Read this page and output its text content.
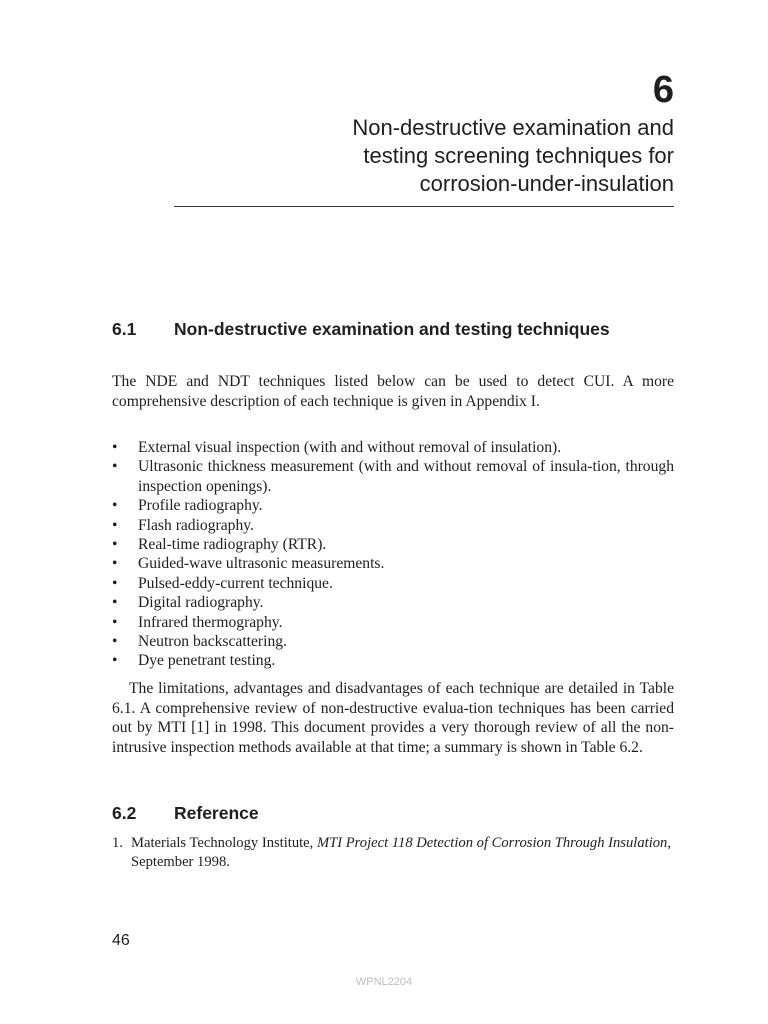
6
Non-destructive examination and
testing screening techniques for
corrosion-under-insulation
6.1	Non-destructive examination and testing techniques

The NDE and NDT techniques listed below can be used to detect CUI. A more comprehensive description of each technique is given in Appendix I.

• External visual inspection (with and without removal of insulation).
• Ultrasonic thickness measurement (with and without removal of insula-tion, through inspection openings).
• Profile radiography.
• Flash radiography.
• Real-time radiography (RTR).
• Guided-wave ultrasonic measurements.
• Pulsed-eddy-current technique.
• Digital radiography.
• Infrared thermography.
• Neutron backscattering.
• Dye penetrant testing.

The limitations, advantages and disadvantages of each technique are detailed in Table 6.1. A comprehensive review of non-destructive evalua-tion techniques has been carried out by MTI [1] in 1998. This document provides a very thorough review of all the non-intrusive inspection methods available at that time; a summary is shown in Table 6.2.

6.2	Reference
1. Materials Technology Institute, MTI Project 118 Detection of Corrosion Through Insulation, September 1998.
46
WPNL2204
